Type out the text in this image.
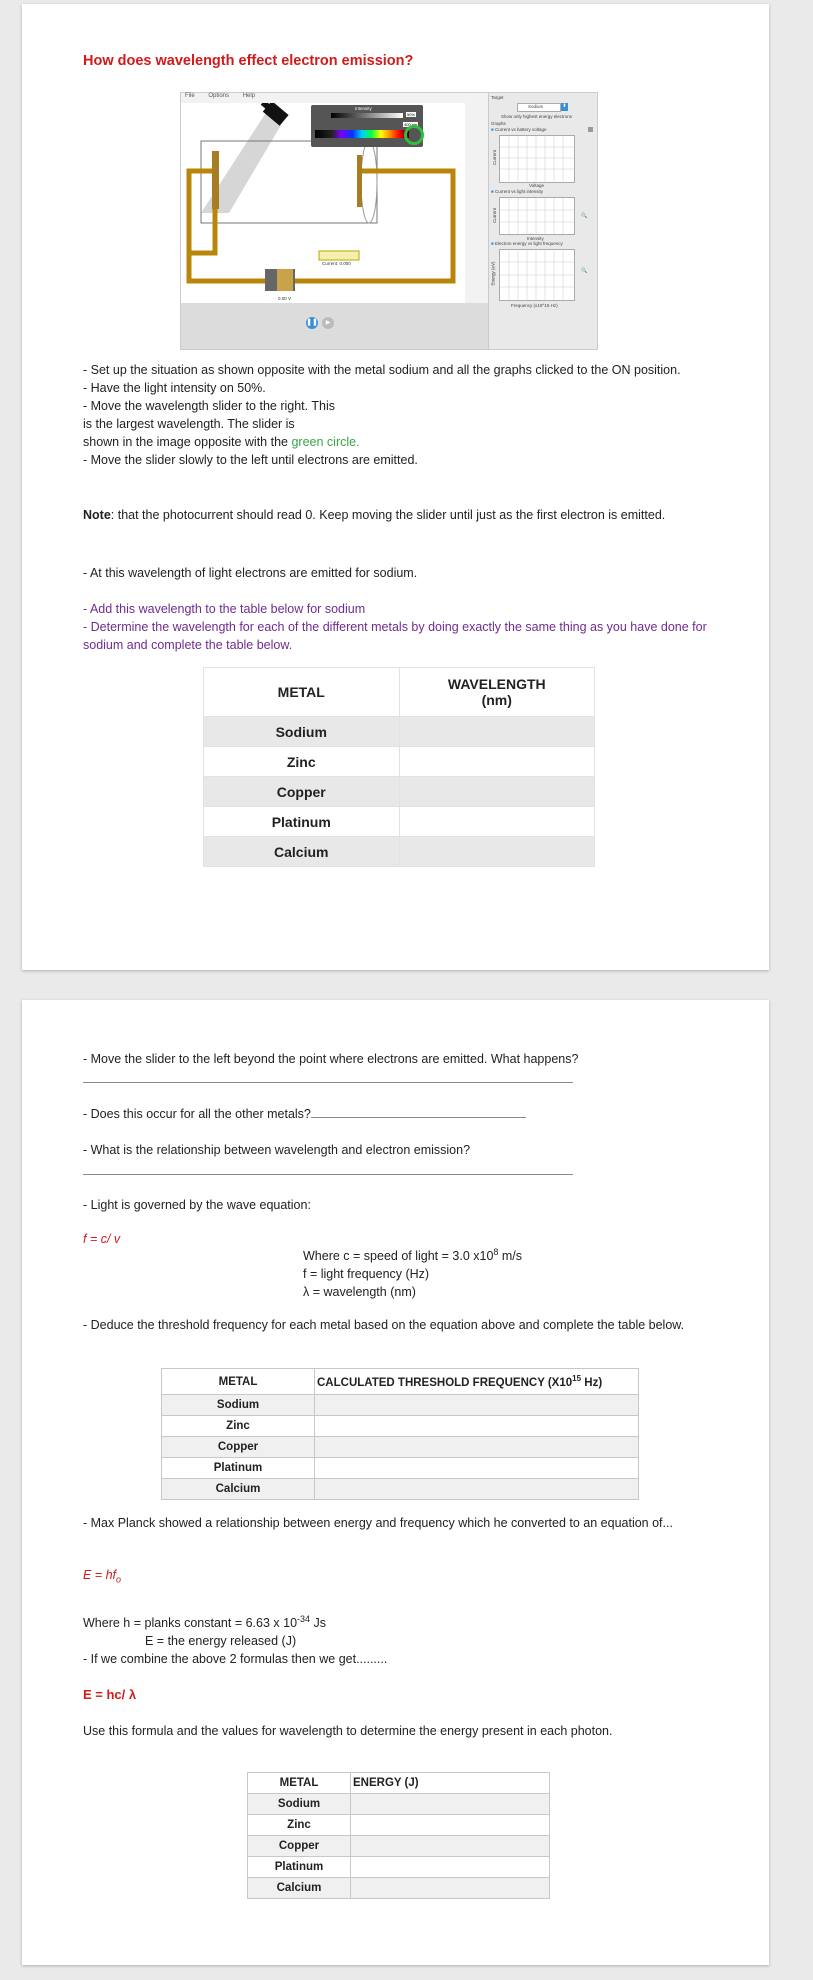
How does wavelength effect electron emission?
File Options Help
Intensity
50%
400 nm
Current: 0.000
0.00 V
❚❚	▶
Target
Sodium	⬍
Show only highest energy electrons
Graphs
■ Current vs battery voltage
Current
Voltage
■ Current vs light intensity
Current
Intensity
■ Electron energy vs light frequency
Energy (eV)
Frequency (x10^15 Hz)
🔍
🔍

- Set up the situation as shown opposite with the metal sodium and all the graphs clicked to the ON position.

- Have the light intensity on 50%.

- Move the wavelength slider to the right. This

is the largest wavelength. The slider is

shown in the image opposite with the green circle.

- Move the slider slowly to the left until electrons are emitted.

Note: that the photocurrent should read 0. Keep moving the slider until just as the first electron is emitted.

- At this wavelength of light electrons are emitted for sodium.

- Add this wavelength to the table below for sodium

- Determine the wavelength for each of the different metals by doing exactly the same thing as you have done for sodium and complete the table below.

METAL	WAVELENGTH (nm)
Sodium	
Zinc	
Copper	
Platinum	
Calcium	

- Move the slider to the left beyond the point where electrons are emitted. What happens?

- Does this occur for all the other metals?

- What is the relationship between wavelength and electron emission?

- Light is governed by the wave equation:

f = c/ v

Where c = speed of light = 3.0 $x10^8$ m/s

f = light frequency (Hz)

λ = wavelength (nm)

- Deduce the threshold frequency for each metal based on the equation above and complete the table below.

METAL	CALCULATED THRESHOLD FREQUENCY ($X10^{15}$ Hz)
Sodium	
Zinc	
Copper	
Platinum	
Calcium	

- Max Planck showed a relationship between energy and frequency which he converted to an equation of...

$E = hf_o$

Where h = planks constant = 6.63 x $10^{-34}$ Js

E = the energy released (J)

- If we combine the above 2 formulas then we get.........

E = hc/ λ

Use this formula and the values for wavelength to determine the energy present in each photon.

METAL	ENERGY (J)
Sodium	
Zinc	
Copper	
Platinum	
Calcium	
